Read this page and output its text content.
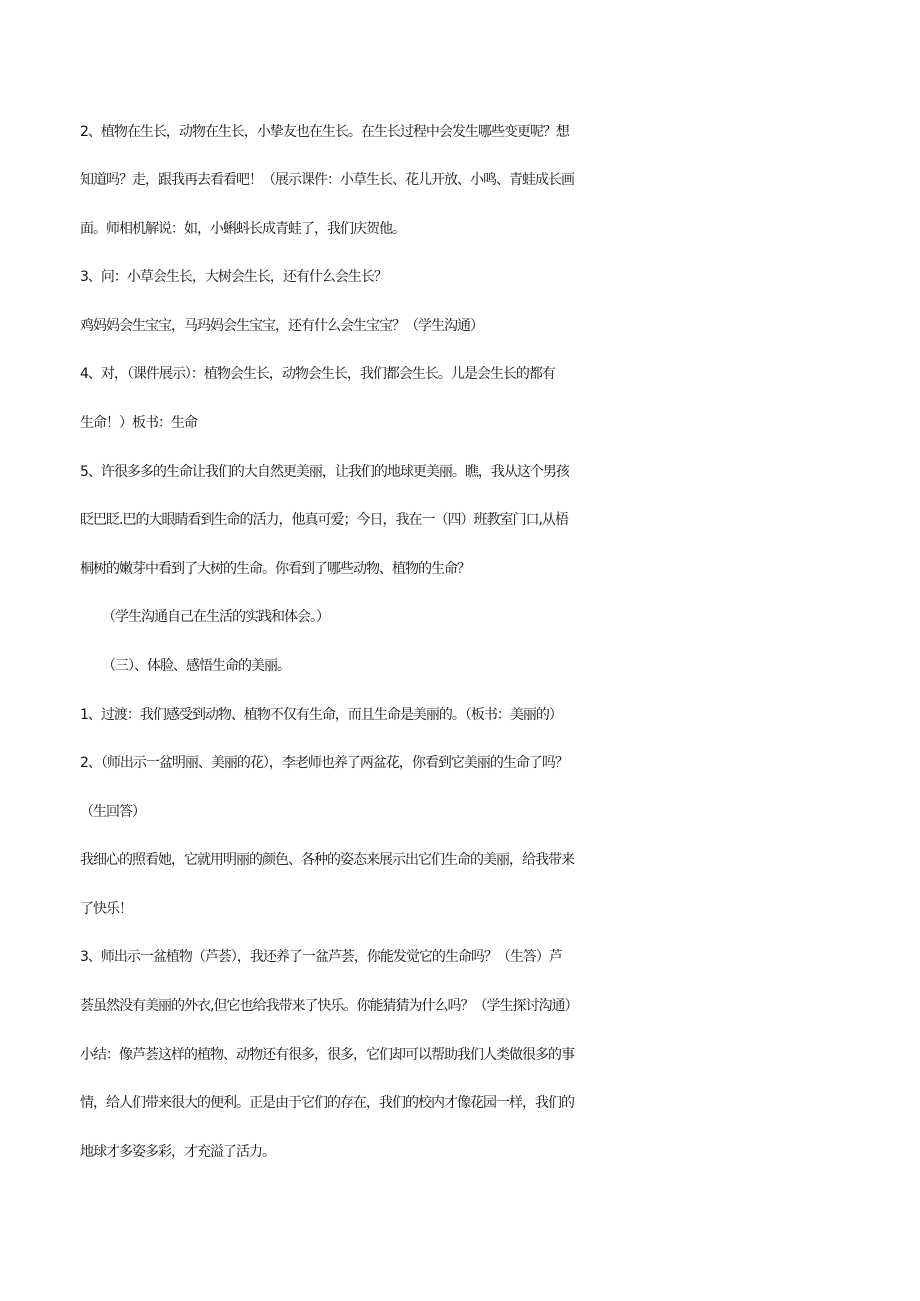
2、植物在生长，动物在生长，小挚友也在生长。在生长过程中会发生哪些变更呢？想
知道吗？走，跟我再去看看吧！（展示课件：小草生长、花儿开放、小鸣、青蛙成长画
面。师相机解说：如，小蝌蚪长成青蛙了，我们庆贺他。
3、问：小草会生长，大树会生长，还有什么会生长？
鸡妈妈会生宝宝，马玛妈会生宝宝，还有什么会生宝宝？（学生沟通）
4、对，（课件展示）：植物会生长，动物会生长，我们都会生长。儿是会生长的都有
生命！）板书：生命
5、许很多多的生命让我们的大自然更美丽，让我们的地球更美丽。瞧，我从这个男孩
眨巴眨.巴的大眼睛看到生命的活力，他真可爱；今日，我在一（四）班教室门口,从梧
桐树的嫩芽中看到了大树的生命。你看到了哪些动物、植物的生命？
（学生沟通自己在生活的实践和体会。）
（三）、体脸、感悟生命的美丽。
1、过渡：我们感受到动物、植物不仅有生命，而且生命是美丽的。（板书：美丽的）
2、（师出示一盆明丽、美丽的花），李老师也养了两盆花，你看到它美丽的生命了吗？
（生回答）
我细心的照看她，它就用明丽的颜色、各种的姿态来展示出它们生命的美丽，给我带来
了快乐！
3、师出示一盆植物（芦荟），我还养了一盆芦荟，你能发觉它的生命吗？（生答）芦
荟虽然没有美丽的外衣,但它也给我带来了快乐。你能猜猜为什么吗？（学生探讨沟通）
小结：像芦荟这样的植物、动物还有很多，很多，它们却可以帮助我们人类做很多的事
情，给人们带来很大的便利。正是由于它们的存在，我们的校内才像花园一样，我们的
地球才多姿多彩，才充溢了活力。
